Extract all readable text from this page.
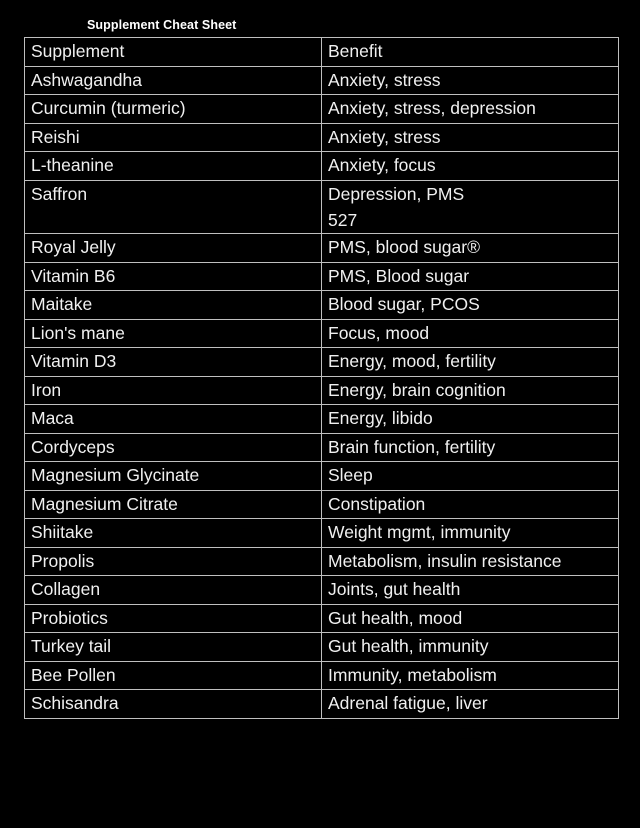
Supplement Cheat Sheet
Supplement	Benefit

Ashwagandha	Anxiety, stress

Curcumin (turmeric)	Anxiety, stress, depression

Reishi	Anxiety, stress

L-theanine	Anxiety, focus

Saffron	Depression, PMS
527

Royal Jelly	PMS, blood sugar®

Vitamin B6	PMS, Blood sugar

Maitake	Blood sugar, PCOS

Lion's mane	Focus, mood

Vitamin D3	Energy, mood, fertility

Iron	Energy, brain cognition

Maca	Energy, libido

Cordyceps	Brain function, fertility

Magnesium Glycinate	Sleep

Magnesium Citrate	Constipation

Shiitake	Weight mgmt, immunity

Propolis	Metabolism, insulin resistance

Collagen	Joints, gut health

Probiotics	Gut health, mood

Turkey tail	Gut health, immunity

Bee Pollen	Immunity, metabolism

Schisandra	Adrenal fatigue, liver
